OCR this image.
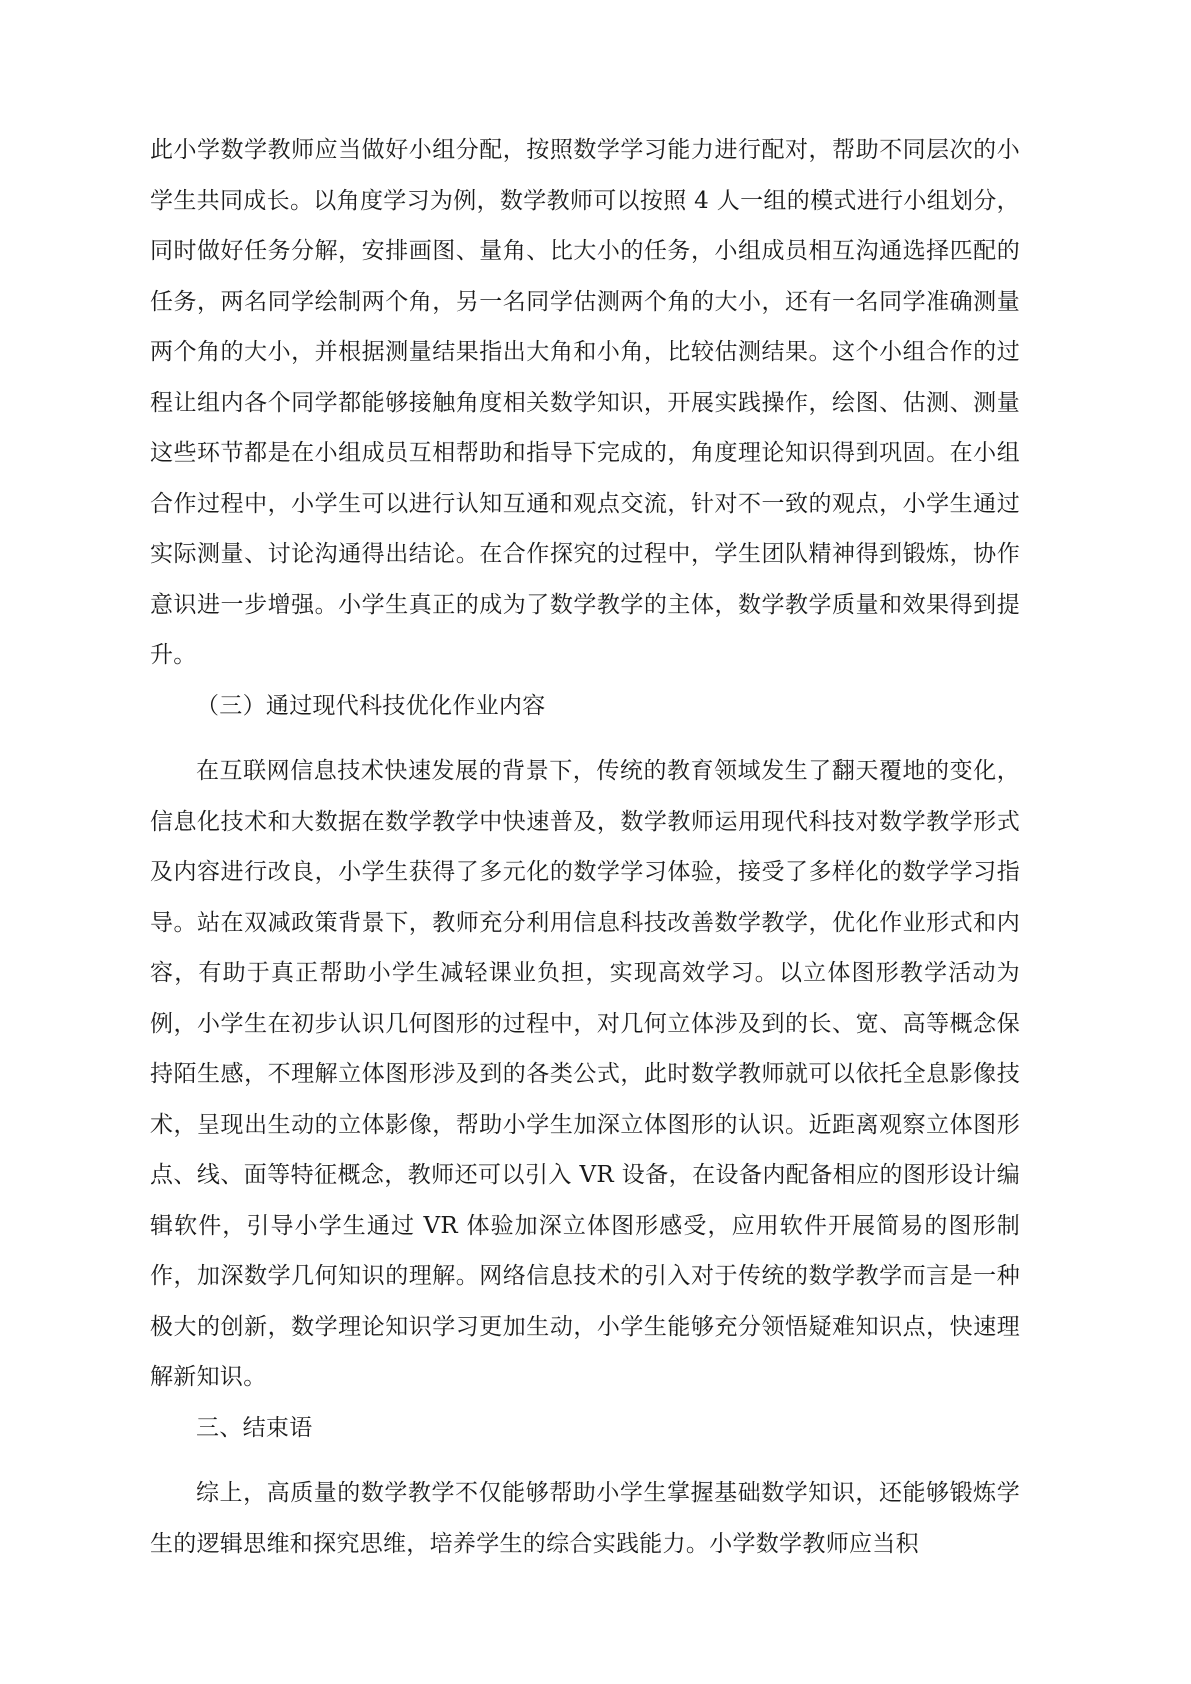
此小学数学教师应当做好小组分配，按照数学学习能力进行配对，帮助不同层次的小学生共同成长。以角度学习为例，数学教师可以按照 4 人一组的模式进行小组划分，同时做好任务分解，安排画图、量角、比大小的任务，小组成员相互沟通选择匹配的任务，两名同学绘制两个角，另一名同学估测两个角的大小，还有一名同学准确测量两个角的大小，并根据测量结果指出大角和小角，比较估测结果。这个小组合作的过程让组内各个同学都能够接触角度相关数学知识，开展实践操作，绘图、估测、测量这些环节都是在小组成员互相帮助和指导下完成的，角度理论知识得到巩固。在小组合作过程中，小学生可以进行认知互通和观点交流，针对不一致的观点，小学生通过实际测量、讨论沟通得出结论。在合作探究的过程中，学生团队精神得到锻炼，协作意识进一步增强。小学生真正的成为了数学教学的主体，数学教学质量和效果得到提升。

（三）通过现代科技优化作业内容

在互联网信息技术快速发展的背景下，传统的教育领域发生了翻天覆地的变化，信息化技术和大数据在数学教学中快速普及，数学教师运用现代科技对数学教学形式及内容进行改良，小学生获得了多元化的数学学习体验，接受了多样化的数学学习指导。站在双减政策背景下，教师充分利用信息科技改善数学教学，优化作业形式和内容，有助于真正帮助小学生减轻课业负担，实现高效学习。以立体图形教学活动为例，小学生在初步认识几何图形的过程中，对几何立体涉及到的长、宽、高等概念保持陌生感，不理解立体图形涉及到的各类公式，此时数学教师就可以依托全息影像技术，呈现出生动的立体影像，帮助小学生加深立体图形的认识。近距离观察立体图形点、线、面等特征概念，教师还可以引入 VR 设备，在设备内配备相应的图形设计编辑软件，引导小学生通过 VR 体验加深立体图形感受，应用软件开展简易的图形制作，加深数学几何知识的理解。网络信息技术的引入对于传统的数学教学而言是一种极大的创新，数学理论知识学习更加生动，小学生能够充分领悟疑难知识点，快速理解新知识。

三、结束语

综上，高质量的数学教学不仅能够帮助小学生掌握基础数学知识，还能够锻炼学生的逻辑思维和探究思维，培养学生的综合实践能力。小学数学教师应当积
